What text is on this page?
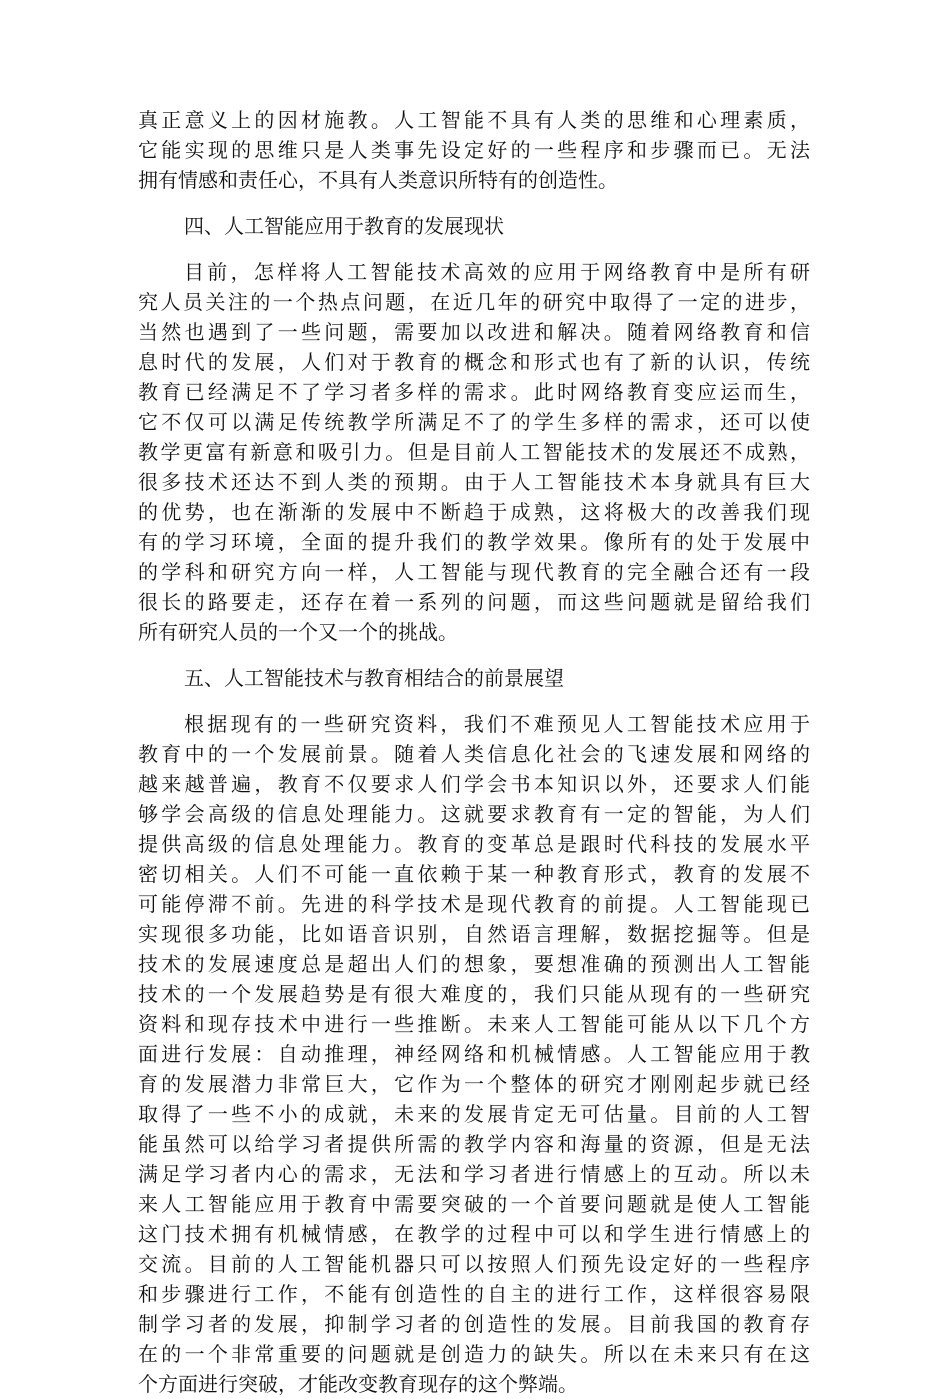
真正意义上的因材施教。人工智能不具有人类的思维和心理素质，
它能实现的思维只是人类事先设定好的一些程序和步骤而已。无法
拥有情感和责任心，不具有人类意识所特有的创造性。
四、人工智能应用于教育的发展现状
目前，怎样将人工智能技术高效的应用于网络教育中是所有研
究人员关注的一个热点问题，在近几年的研究中取得了一定的进步，
当然也遇到了一些问题，需要加以改进和解决。随着网络教育和信
息时代的发展，人们对于教育的概念和形式也有了新的认识，传统
教育已经满足不了学习者多样的需求。此时网络教育变应运而生，
它不仅可以满足传统教学所满足不了的学生多样的需求，还可以使
教学更富有新意和吸引力。但是目前人工智能技术的发展还不成熟，
很多技术还达不到人类的预期。由于人工智能技术本身就具有巨大
的优势，也在渐渐的发展中不断趋于成熟，这将极大的改善我们现
有的学习环境，全面的提升我们的教学效果。像所有的处于发展中
的学科和研究方向一样，人工智能与现代教育的完全融合还有一段
很长的路要走，还存在着一系列的问题，而这些问题就是留给我们
所有研究人员的一个又一个的挑战。
五、人工智能技术与教育相结合的前景展望
根据现有的一些研究资料，我们不难预见人工智能技术应用于
教育中的一个发展前景。随着人类信息化社会的飞速发展和网络的
越来越普遍，教育不仅要求人们学会书本知识以外，还要求人们能
够学会高级的信息处理能力。这就要求教育有一定的智能，为人们
提供高级的信息处理能力。教育的变革总是跟时代科技的发展水平
密切相关。人们不可能一直依赖于某一种教育形式，教育的发展不
可能停滞不前。先进的科学技术是现代教育的前提。人工智能现已
实现很多功能，比如语音识别，自然语言理解，数据挖掘等。但是
技术的发展速度总是超出人们的想象，要想准确的预测出人工智能
技术的一个发展趋势是有很大难度的，我们只能从现有的一些研究
资料和现存技术中进行一些推断。未来人工智能可能从以下几个方
面进行发展：自动推理，神经网络和机械情感。人工智能应用于教
育的发展潜力非常巨大，它作为一个整体的研究才刚刚起步就已经
取得了一些不小的成就，未来的发展肯定无可估量。目前的人工智
能虽然可以给学习者提供所需的教学内容和海量的资源，但是无法
满足学习者内心的需求，无法和学习者进行情感上的互动。所以未
来人工智能应用于教育中需要突破的一个首要问题就是使人工智能
这门技术拥有机械情感，在教学的过程中可以和学生进行情感上的
交流。目前的人工智能机器只可以按照人们预先设定好的一些程序
和步骤进行工作，不能有创造性的自主的进行工作，这样很容易限
制学习者的发展，抑制学习者的创造性的发展。目前我国的教育存
在的一个非常重要的问题就是创造力的缺失。所以在未来只有在这
个方面进行突破，才能改变教育现存的这个弊端。
